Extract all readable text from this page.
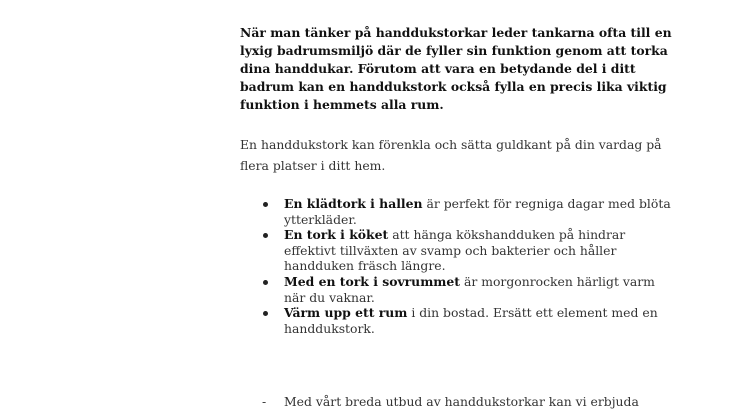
När man tänker på handdukstorkar leder tankarna ofta till en lyxig badrumsmiljö där de fyller sin funktion genom att torka dina handdukar. Förutom att vara en betydande del i ditt badrum kan en handdukstork också fylla en precis lika viktig funktion i hemmets alla rum.

En handdukstork kan förenkla och sätta guldkant på din vardag på flera platser i ditt hem.

En klädtork i hallen är perfekt för regniga dagar med blöta ytterkläder.
En tork i köket att hänga kökshandduken på hindrar effektivt tillväxten av svamp och bakterier och håller handduken fräsch längre.
Med en tork i sovrummet är morgonrocken härligt varm när du vaknar.
Värm upp ett rum i din bostad. Ersätt ett element med en handdukstork.
- Med vårt breda utbud av handdukstorkar kan vi erbjuda
